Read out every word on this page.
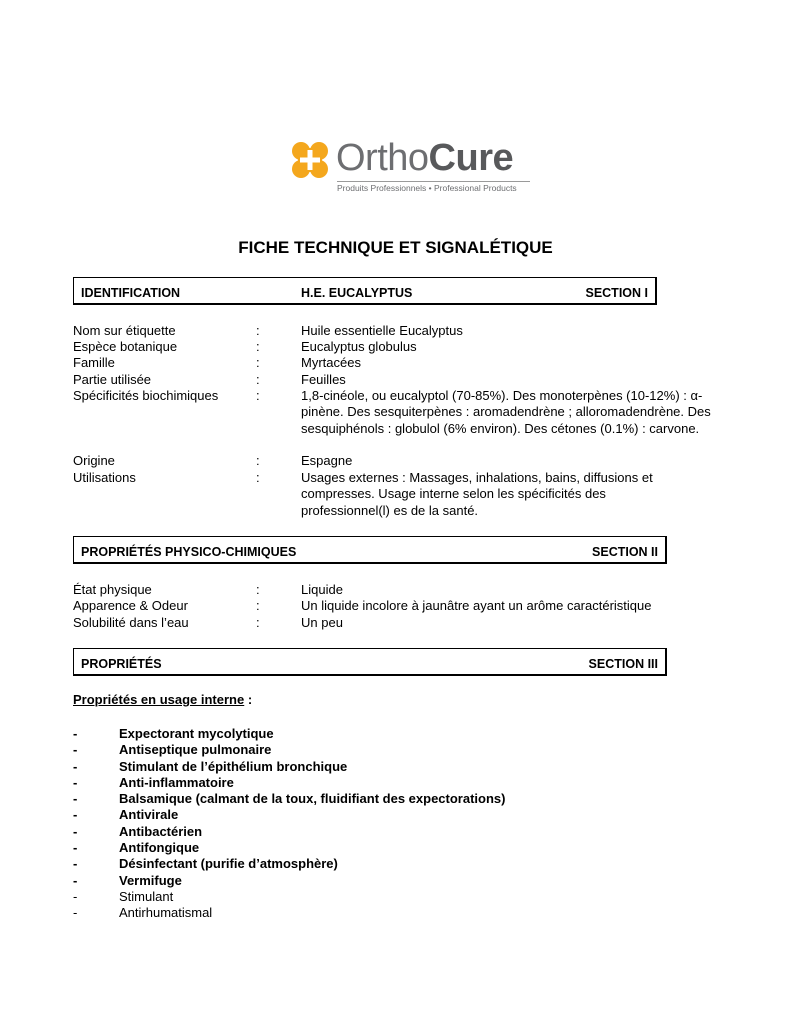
OrthoCure
Produits Professionnels • Professional Products
FICHE TECHNIQUE ET SIGNALÉTIQUE
IDENTIFICATION	H.E. EUCALYPTUS	SECTION I
Nom sur étiquette	:	Huile essentielle Eucalyptus
Espèce botanique	:	Eucalyptus globulus
Famille	:	Myrtacées
Partie utilisée	:	Feuilles
Spécificités biochimiques	:	1,8-cinéole, ou eucalyptol (70-85%). Des monoterpènes (10-12%) : α-pinène. Des sesquiterpènes : aromadendrène ; alloromadendrène. Des sesquiphénols : globulol (6% environ). Des cétones (0.1%) : carvone.
Origine	:	Espagne
Utilisations	:	Usages externes : Massages, inhalations, bains, diffusions et compresses. Usage interne selon les spécificités des professionnel(l) es de la santé.
PROPRIÉTÉS PHYSICO-CHIMIQUES	SECTION II
État physique	:	Liquide
Apparence & Odeur	:	Un liquide incolore à jaunâtre ayant un arôme caractéristique
Solubilité dans l’eau	:	Un peu
PROPRIÉTÉS	SECTION III
Propriétés en usage interne :
-	Expectorant mycolytique
-	Antiseptique pulmonaire
-	Stimulant de l’épithélium bronchique
-	Anti-inflammatoire
-	Balsamique (calmant de la toux, fluidifiant des expectorations)
-	Antivirale
-	Antibactérien
-	Antifongique
-	Désinfectant (purifie d’atmosphère)
-	Vermifuge
-	Stimulant
-	Antirhumatismal
